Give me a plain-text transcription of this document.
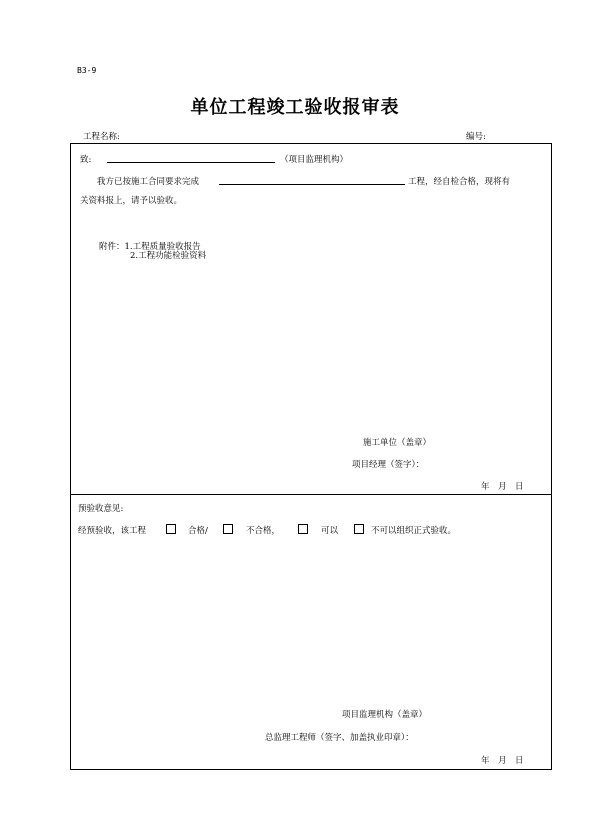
B3-9
单位工程竣工验收报审表
工程名称:	编号:
致:	（项目监理机构）
我方已按施工合同要求完成	工程，经自检合格，现将有
关资料报上，请予以验收。
附件：1.工程质量验收报告
2.工程功能检验资料
施工单位（盖章）
项目经理（签字）：
年　月　日
预验收意见:
经预验收，该工程	合格/	不合格，	可以	不可以组织正式验收。
项目监理机构（盖章）
总监理工程师（签字、加盖执业印章）：
年　月　日
